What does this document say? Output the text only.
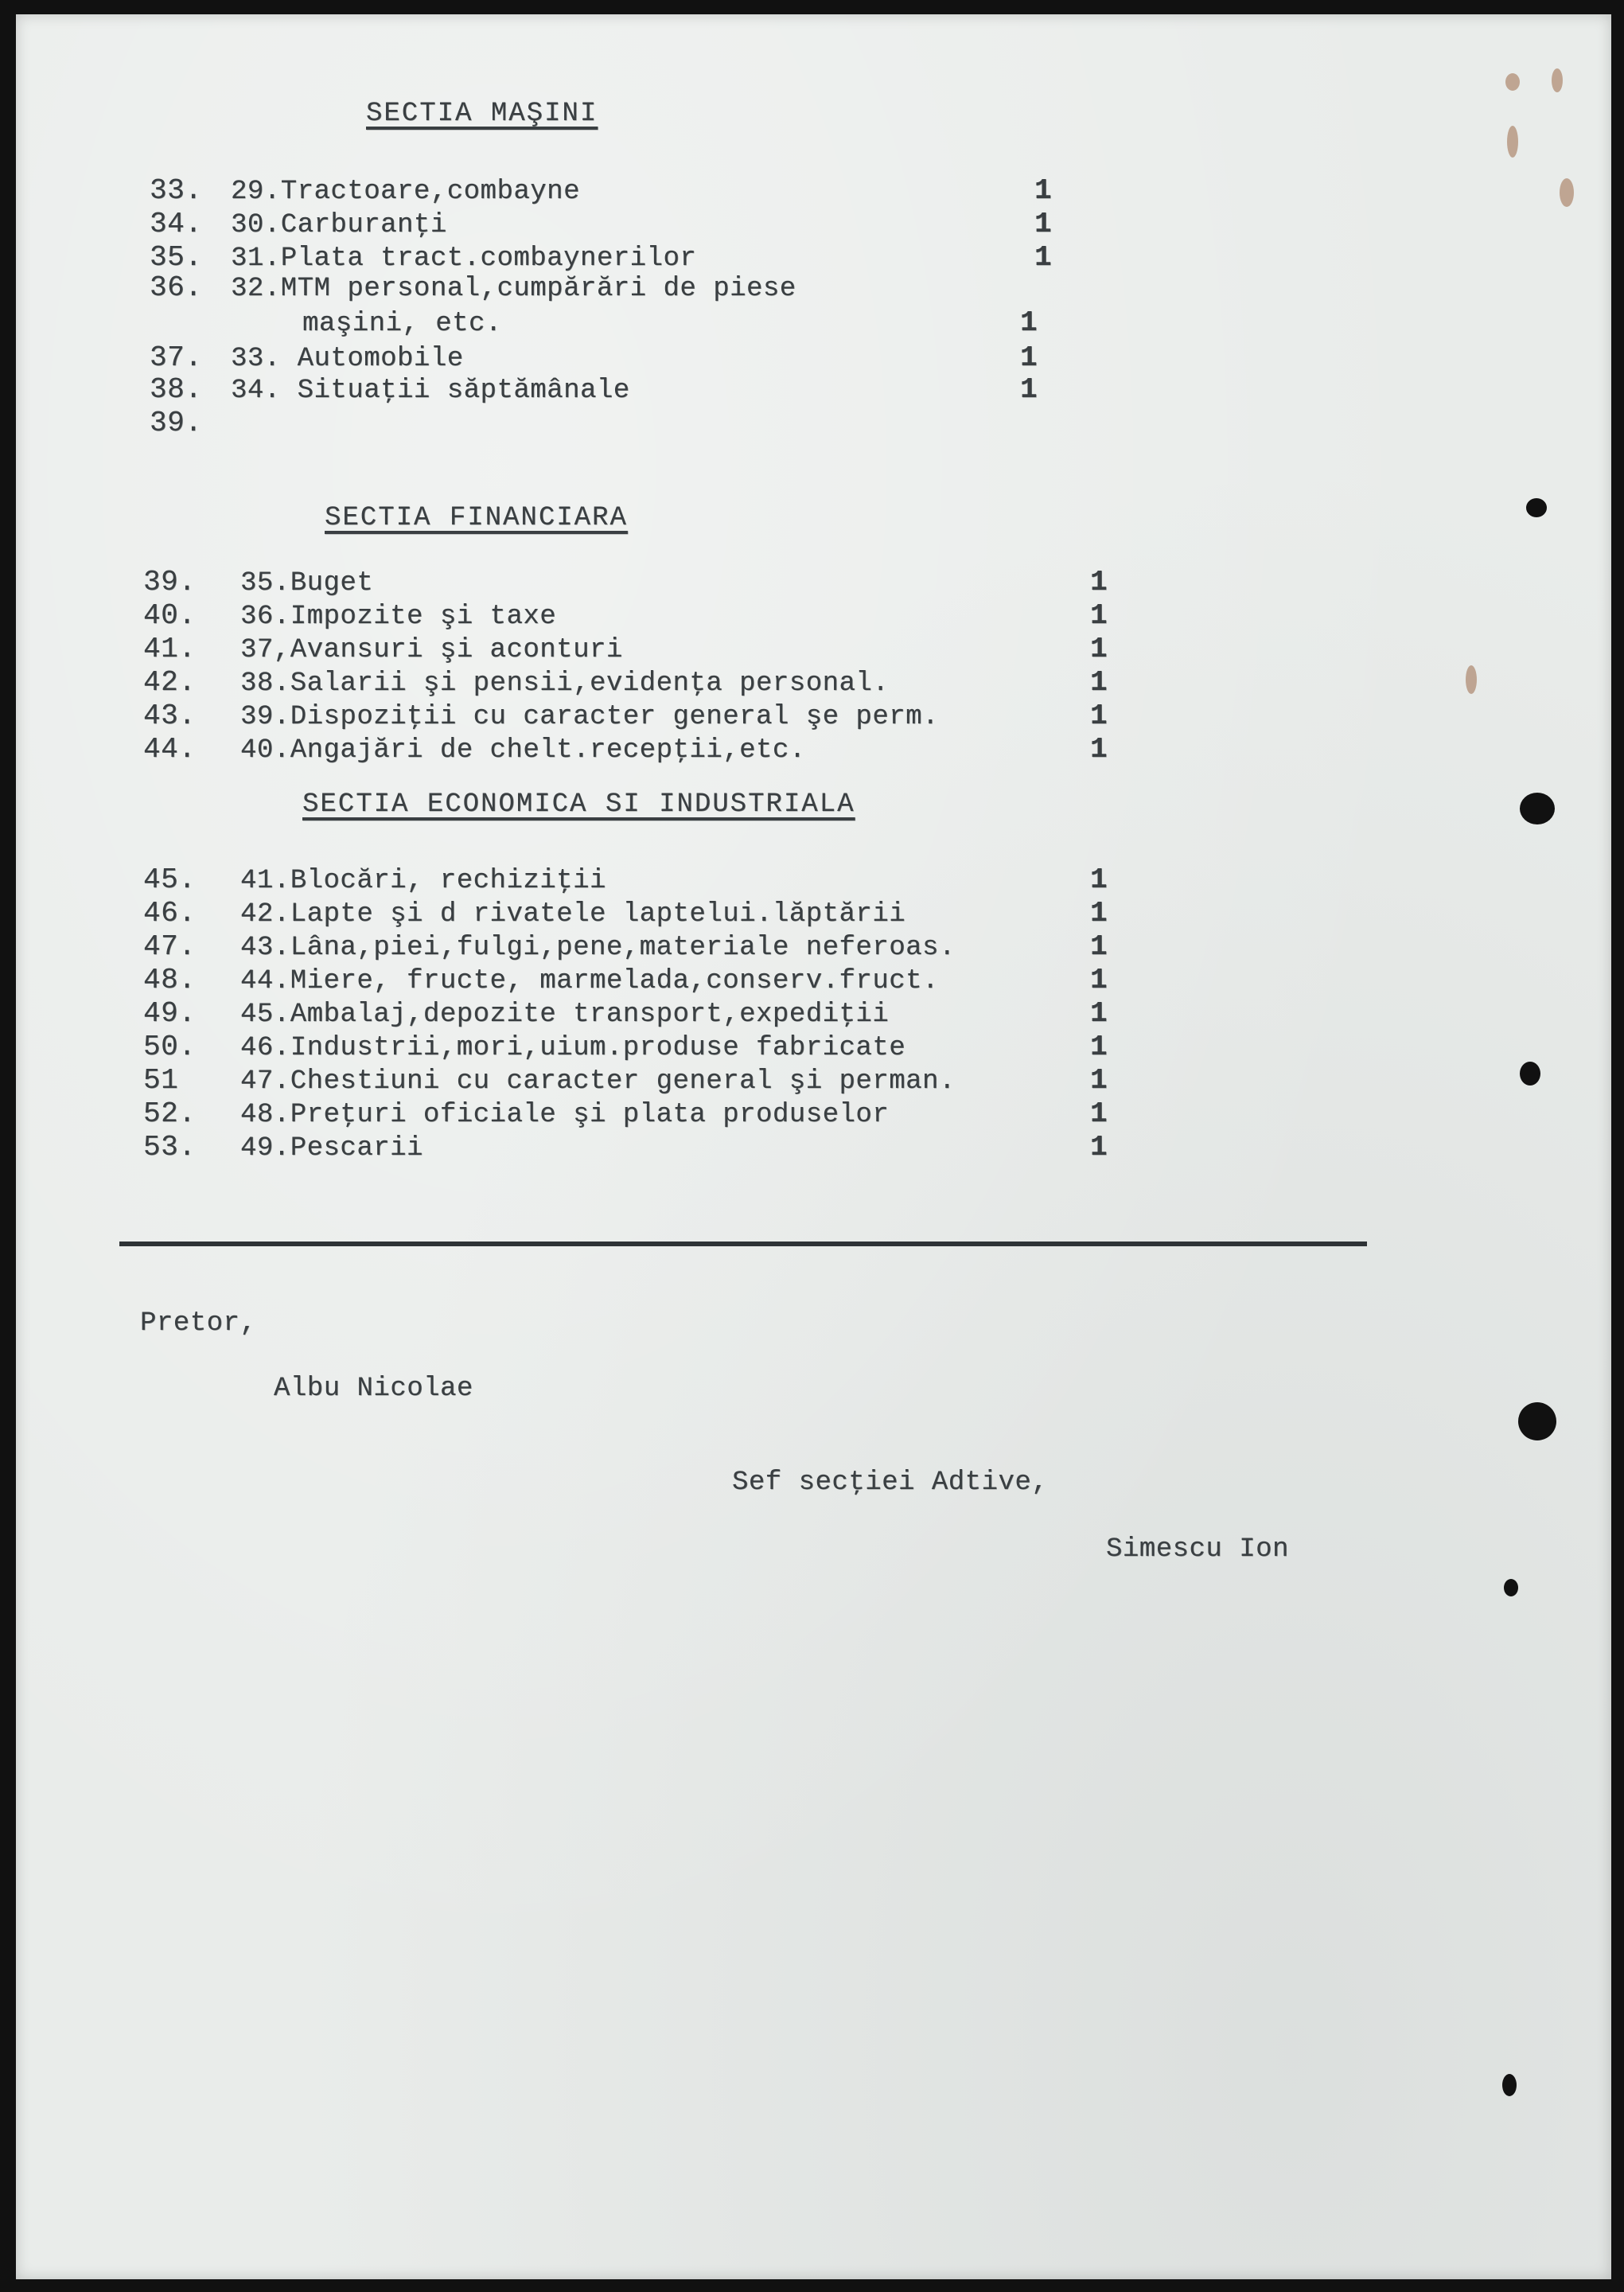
SECTIA MAŞINI
33. 29.Tractoare,combayne	1
34. 30.Carburanţi	1
35. 31.Plata tract.combaynerilor	1
36. 32.MTM personal,cumpărări de piese
maşini, etc.	1
37. 33. Automobile	1
38. 34. Situaţii săptămânale	1
39.
SECTIA FINANCIARA
39. 35.Buget	1
40. 36.Impozite şi taxe	1
41. 37,Avansuri şi aconturi	1
42. 38.Salarii şi pensii,evidenţa personal.	1
43. 39.Dispoziţii cu caracter general şe perm.	1
44. 40.Angajări de chelt.recepţii,etc.	1
SECTIA ECONOMICA SI INDUSTRIALA
45. 41.Blocări, rechiziţii	1
46. 42.Lapte şi d rivatele laptelui.lăptării	1
47. 43.Lâna,piei,fulgi,pene,materiale neferoas.	1
48. 44.Miere, fructe, marmelada,conserv.fruct.	1
49. 45.Ambalaj,depozite transport,expediţii	1
50. 46.Industrii,mori,uium.produse fabricate	1
51 47.Chestiuni cu caracter general şi perman.	1
52. 48.Preţuri oficiale şi plata produselor	1
53. 49.Pescarii	1
Pretor,
Albu Nicolae
Sef secţiei Adtive,
Simescu Ion
